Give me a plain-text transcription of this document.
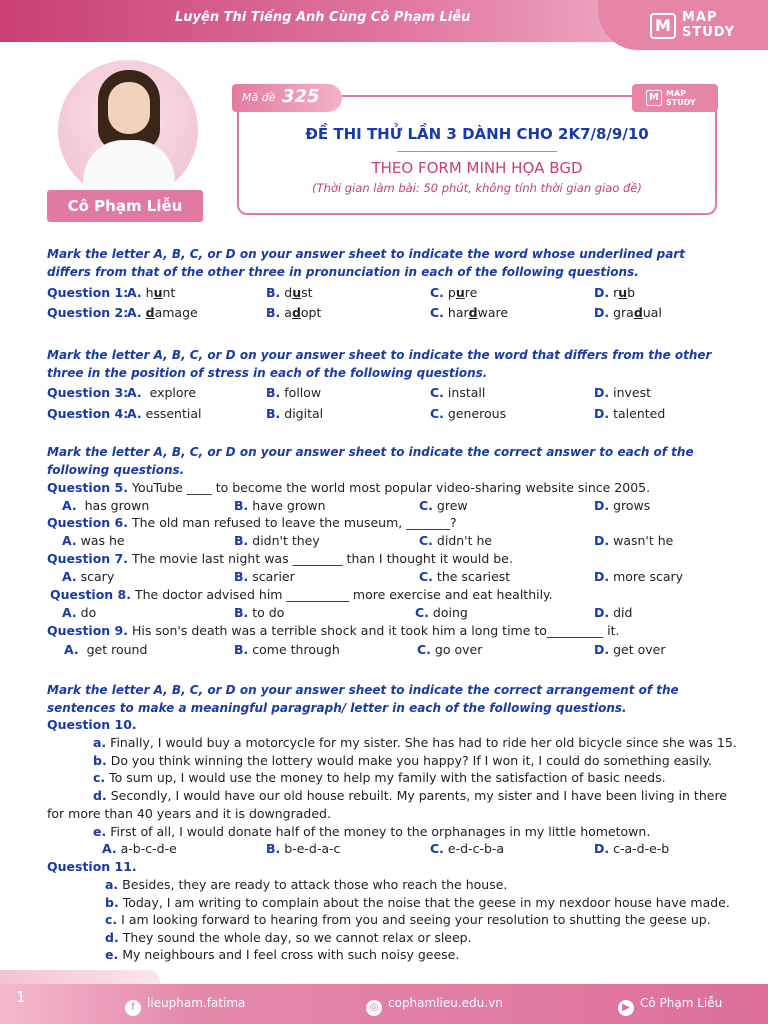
Luyện Thi Tiếng Anh Cùng Cô Phạm Liễu	M MAP
STUDY
Cô Phạm Liễu
Mã đề 325	M MAP
STUDY
ĐỀ THI THỬ LẦN 3 DÀNH CHO 2K7/8/9/10
THEO FORM MINH HỌA BGD
(Thời gian làm bài: 50 phút, không tính thời gian giao đề)
Mark the letter A, B, C, or D on your answer sheet to indicate the word whose underlined part differs from that of the other three in pronunciation in each of the following questions.
Question 1:
A. hunt	B. dust	C. pure	D. rub
Question 2:
A. damage	B. adopt	C. hardware	D. gradual
Mark the letter A, B, C, or D on your answer sheet to indicate the word that differs from the other three in the position of stress in each of the following questions.
Question 3:
A. explore	B. follow	C. install	D. invest
Question 4:
A. essential	B. digital	C. generous	D. talented
Mark the letter A, B, C, or D on your answer sheet to indicate the correct answer to each of the following questions.
Question 5. YouTube ____ to become the world most popular video-sharing website since 2005.
A. has grown	B. have grown	C. grew	D. grows
Question 6. The old man refused to leave the museum, _______?
A. was he	B. didn't they	C. didn't he	D. wasn't he
Question 7. The movie last night was ________ than I thought it would be.
A. scary	B. scarier	C. the scariest	D. more scary
Question 8. The doctor advised him __________ more exercise and eat healthily.
A. do	B. to do	C. doing	D. did
Question 9. His son's death was a terrible shock and it took him a long time to_________ it.
A. get round	B. come through	C. go over	D. get over
Mark the letter A, B, C, or D on your answer sheet to indicate the correct arrangement of the sentences to make a meaningful paragraph/ letter in each of the following questions.
Question 10.
a. Finally, I would buy a motorcycle for my sister. She has had to ride her old bicycle since she was 15.
b. Do you think winning the lottery would make you happy? If I won it, I could do something easily.
c. To sum up, I would use the money to help my family with the satisfaction of basic needs.
d. Secondly, I would have our old house rebuilt. My parents, my sister and I have been living in there
for more than 40 years and it is downgraded.
e. First of all, I would donate half of the money to the orphanages in my little hometown.
A. a-b-c-d-e	B. b-e-d-a-c	C. e-d-c-b-a	D. c-a-d-e-b
Question 11.
a. Besides, they are ready to attack those who reach the house.
b. Today, I am writing to complain about the noise that the geese in my nexdoor house have made.
c. I am looking forward to hearing from you and seeing your resolution to shutting the geese up.
d. They sound the whole day, so we cannot relax or sleep.
e. My neighbours and I feel cross with such noisy geese.
1
f lieupham.fatima	◎ cophamlieu.edu.vn	▶ Cô Phạm Liễu
